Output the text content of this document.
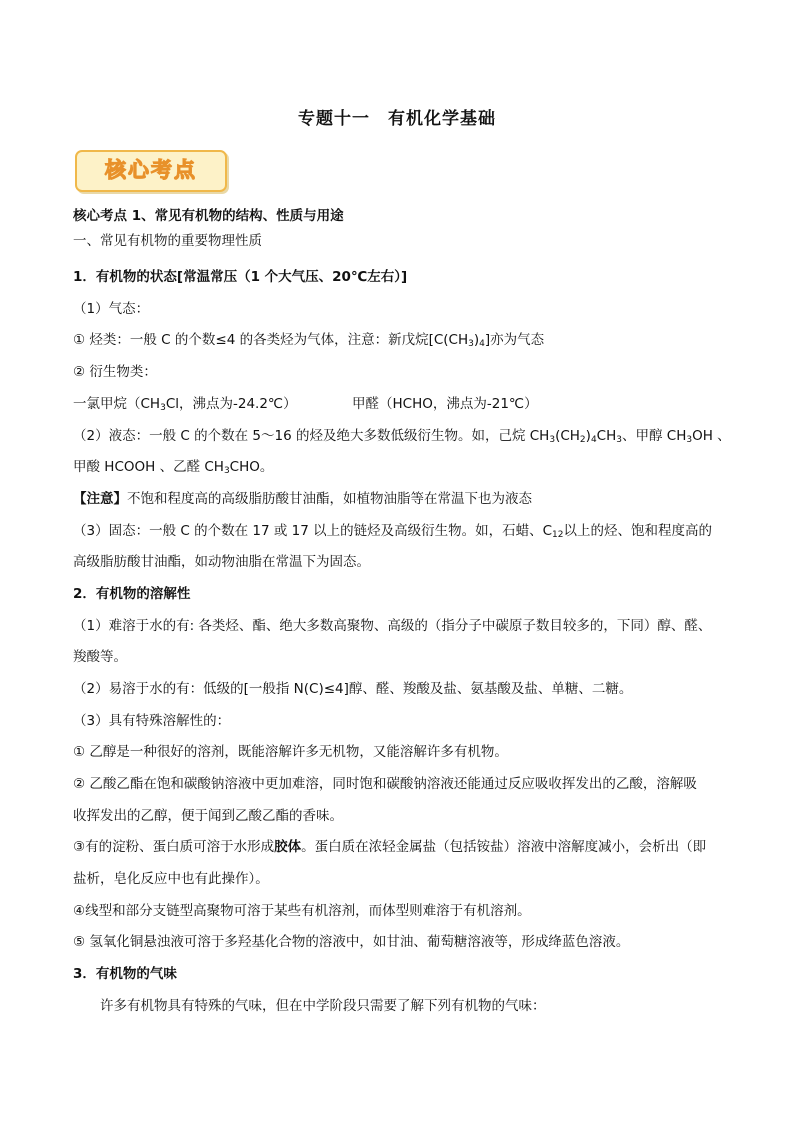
专题十一　有机化学基础
核心考点
核心考点 1、常见有机物的结构、性质与用途
一、常见有机物的重要物理性质
1．有机物的状态[常温常压（1 个大气压、20℃左右）]
（1）气态：
① 烃类：一般 C 的个数≤4 的各类烃为气体，注意：新戊烷$[C(CH_3)_4]$亦为气态
② 衍生物类：
一氯甲烷（$CH_3Cl$，沸点为-24.2℃）	甲醛（HCHO，沸点为-21℃）
（2）液态：一般 C 的个数在 5～16 的烃及绝大多数低级衍生物。如，己烷 $CH_3(CH_2)_4CH_3$、甲醇 $CH_3OH$ 、
甲酸 HCOOH 、乙醛 $CH_3CHO$。
【注意】不饱和程度高的高级脂肪酸甘油酯，如植物油脂等在常温下也为液态
（3）固态：一般 C 的个数在 17 或 17 以上的链烃及高级衍生物。如，石蜡、$C_{12}$以上的烃、饱和程度高的
高级脂肪酸甘油酯，如动物油脂在常温下为固态。
2．有机物的溶解性
（1）难溶于水的有: 各类烃、酯、绝大多数高聚物、高级的（指分子中碳原子数目较多的，下同）醇、醛、
羧酸等。
（2）易溶于水的有：低级的[一般指 N(C)≤4]醇、醛、羧酸及盐、氨基酸及盐、单糖、二糖。
（3）具有特殊溶解性的：
① 乙醇是一种很好的溶剂，既能溶解许多无机物，又能溶解许多有机物。
② 乙酸乙酯在饱和碳酸钠溶液中更加难溶，同时饱和碳酸钠溶液还能通过反应吸收挥发出的乙酸，溶解吸
收挥发出的乙醇，便于闻到乙酸乙酯的香味。
③有的淀粉、蛋白质可溶于水形成胶体。蛋白质在浓轻金属盐（包括铵盐）溶液中溶解度减小，会析出（即
盐析，皂化反应中也有此操作）。
④线型和部分支链型高聚物可溶于某些有机溶剂，而体型则难溶于有机溶剂。
⑤ 氢氧化铜悬浊液可溶于多羟基化合物的溶液中，如甘油、葡萄糖溶液等，形成绛蓝色溶液。
3．有机物的气味
许多有机物具有特殊的气味，但在中学阶段只需要了解下列有机物的气味：
